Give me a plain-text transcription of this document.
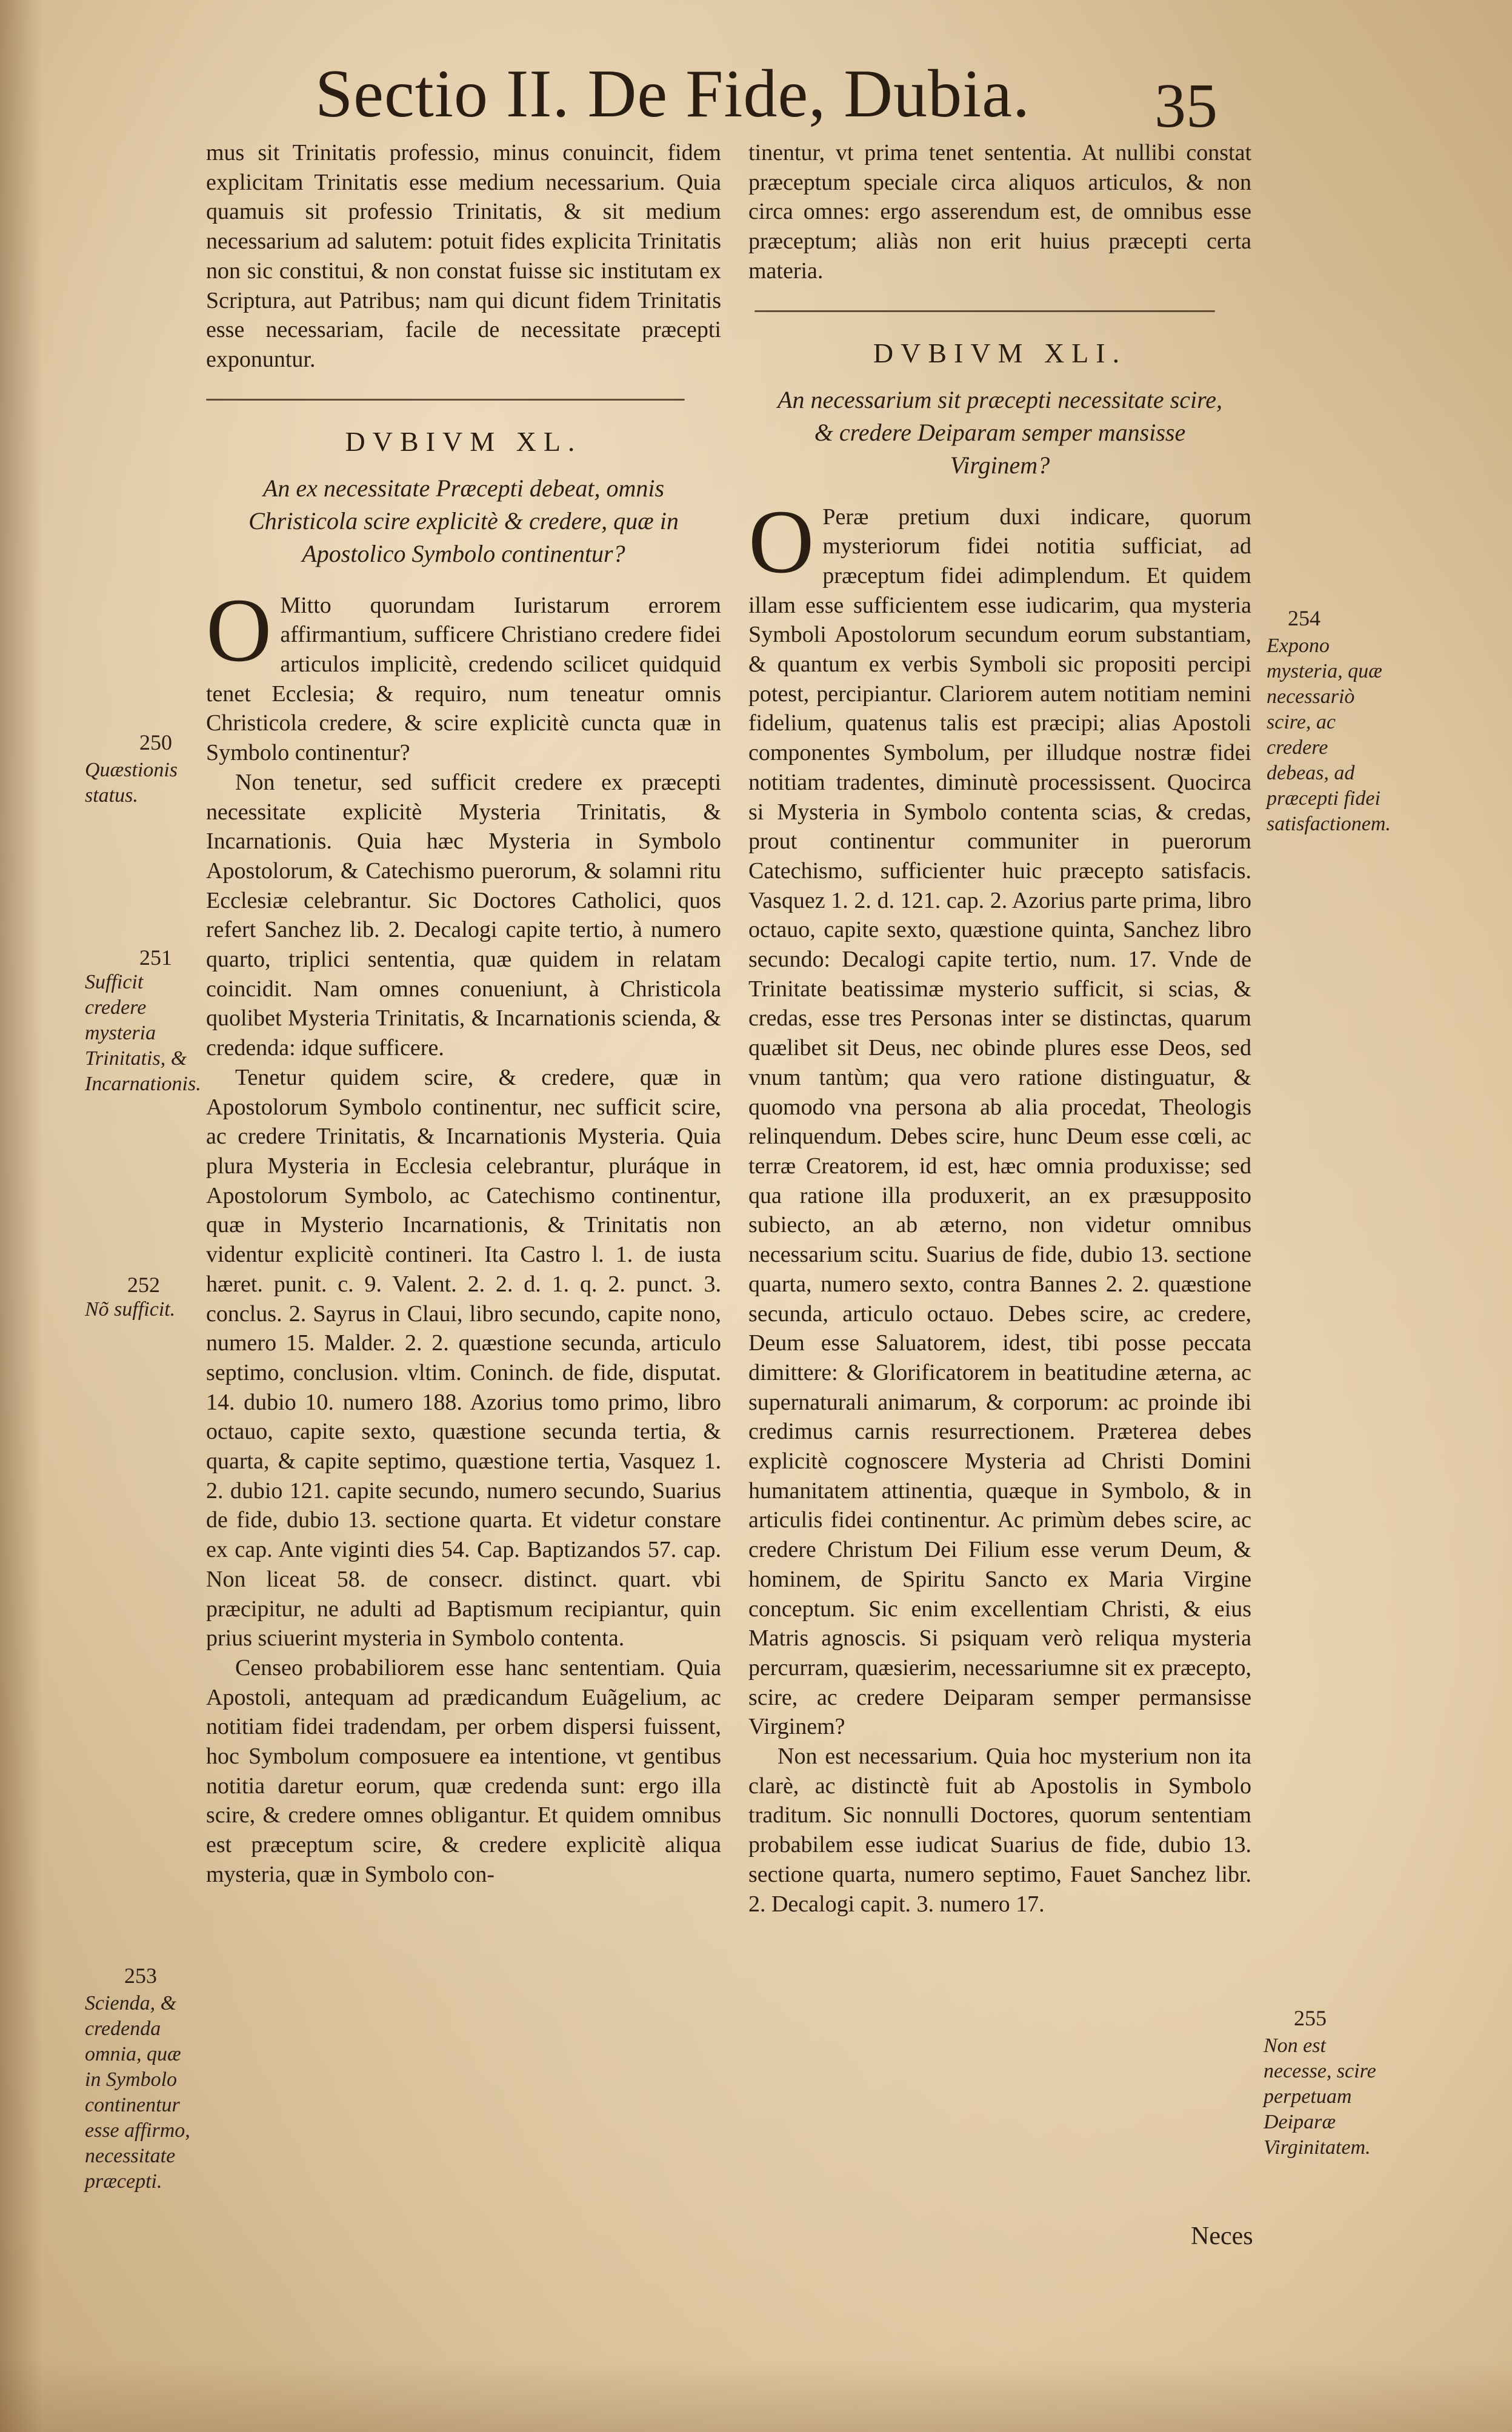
Sectio II. De Fide, Dubia.	35

mus sit Trinitatis professio, minus conuincit, fidem explicitam Trinitatis esse medium necessarium. Quia quamuis sit professio Trinitatis, & sit medium necessarium ad salutem: potuit fides explicita Trinitatis non sic constitui, & non constat fuisse sic institutam ex Scriptura, aut Patribus; nam qui dicunt fidem Trinitatis esse necessariam, facile de necessitate præcepti exponuntur.

DVBIVM XL.
An ex necessitate Præcepti debeat, omnis Christicola scire explicitè & credere, quæ in Apostolico Symbolo continentur?

OMitto quorundam Iuristarum errorem affirmantium, sufficere Christiano credere fidei articulos implicitè, credendo scilicet quidquid tenet Ecclesia; & requiro, num teneatur omnis Christicola credere, & scire explicitè cuncta quæ in Symbolo continentur?

Non tenetur, sed sufficit credere ex præcepti necessitate explicitè Mysteria Trinitatis, & Incarnationis. Quia hæc Mysteria in Symbolo Apostolorum, & Catechismo puerorum, & solamni ritu Ecclesiæ celebrantur. Sic Doctores Catholici, quos refert Sanchez lib. 2. Decalogi capite tertio, à numero quarto, triplici sententia, quæ quidem in relatam coincidit. Nam omnes conueniunt, à Christicola quolibet Mysteria Trinitatis, & Incarnationis scienda, & credenda: idque sufficere.

Tenetur quidem scire, & credere, quæ in Apostolorum Symbolo continentur, nec sufficit scire, ac credere Trinitatis, & Incarnationis Mysteria. Quia plura Mysteria in Ecclesia celebrantur, pluráque in Apostolorum Symbolo, ac Catechismo continentur, quæ in Mysterio Incarnationis, & Trinitatis non videntur explicitè contineri. Ita Castro l. 1. de iusta hæret. punit. c. 9. Valent. 2. 2. d. 1. q. 2. punct. 3. conclus. 2. Sayrus in Claui, libro secundo, capite nono, numero 15. Malder. 2. 2. quæstione secunda, articulo septimo, conclusion. vltim. Coninch. de fide, disputat. 14. dubio 10. numero 188. Azorius tomo primo, libro octauo, capite sexto, quæstione secunda tertia, & quarta, & capite septimo, quæstione tertia, Vasquez 1. 2. dubio 121. capite secundo, numero secundo, Suarius de fide, dubio 13. sectione quarta. Et videtur constare ex cap. Ante viginti dies 54. Cap. Baptizandos 57. cap. Non liceat 58. de consecr. distinct. quart. vbi præcipitur, ne adulti ad Baptismum recipiantur, quin prius sciuerint mysteria in Symbolo contenta.

Censeo probabiliorem esse hanc sententiam. Quia Apostoli, antequam ad prædicandum Euãgelium, ac notitiam fidei tradendam, per orbem dispersi fuissent, hoc Symbolum composuere ea intentione, vt gentibus notitia daretur eorum, quæ credenda sunt: ergo illa scire, & credere omnes obligantur. Et quidem omnibus est præceptum scire, & credere explicitè aliqua mysteria, quæ in Symbolo con-

tinentur, vt prima tenet sententia. At nullibi constat præceptum speciale circa aliquos articulos, & non circa omnes: ergo asserendum est, de omnibus esse præceptum; aliàs non erit huius præcepti certa materia.

DVBIVM XLI.
An necessarium sit præcepti necessitate scire, & credere Deiparam semper mansisse Virginem?

OPeræ pretium duxi indicare, quorum mysteriorum fidei notitia sufficiat, ad præceptum fidei adimplendum. Et quidem illam esse sufficientem esse iudicarim, qua mysteria Symboli Apostolorum secundum eorum substantiam, & quantum ex verbis Symboli sic propositi percipi potest, percipiantur. Clariorem autem notitiam nemini fidelium, quatenus talis est præcipi; alias Apostoli componentes Symbolum, per illudque nostræ fidei notitiam tradentes, diminutè processissent. Quocirca si Mysteria in Symbolo contenta scias, & credas, prout continentur communiter in puerorum Catechismo, sufficienter huic præcepto satisfacis. Vasquez 1. 2. d. 121. cap. 2. Azorius parte prima, libro octauo, capite sexto, quæstione quinta, Sanchez libro secundo: Decalogi capite tertio, num. 17. Vnde de Trinitate beatissimæ mysterio sufficit, si scias, & credas, esse tres Personas inter se distinctas, quarum quælibet sit Deus, nec obinde plures esse Deos, sed vnum tantùm; qua vero ratione distinguatur, & quomodo vna persona ab alia procedat, Theologis relinquendum. Debes scire, hunc Deum esse cœli, ac terræ Creatorem, id est, hæc omnia produxisse; sed qua ratione illa produxerit, an ex præsupposito subiecto, an ab æterno, non videtur omnibus necessarium scitu. Suarius de fide, dubio 13. sectione quarta, numero sexto, contra Bannes 2. 2. quæstione secunda, articulo octauo. Debes scire, ac credere, Deum esse Saluatorem, idest, tibi posse peccata dimittere: & Glorificatorem in beatitudine æterna, ac supernaturali animarum, & corporum: ac proinde ibi credimus carnis resurrectionem. Præterea debes explicitè cognoscere Mysteria ad Christi Domini humanitatem attinentia, quæque in Symbolo, & in articulis fidei continentur. Ac primùm debes scire, ac credere Christum Dei Filium esse verum Deum, & hominem, de Spiritu Sancto ex Maria Virgine conceptum. Sic enim excellentiam Christi, & eius Matris agnoscis. Si psiquam verò reliqua mysteria percurram, quæsierim, necessariumne sit ex præcepto, scire, ac credere Deiparam semper permansisse Virginem?

Non est necessarium. Quia hoc mysterium non ita clarè, ac distinctè fuit ab Apostolis in Symbolo traditum. Sic nonnulli Doctores, quorum sententiam probabilem esse iudicat Suarius de fide, dubio 13. sectione quarta, numero septimo, Fauet Sanchez libr. 2. Decalogi capit. 3. numero 17.

250
Quæstionis status.
251
Sufficit credere mysteria Trinitatis, & Incarnationis.
252
Nõ sufficit.
253
Scienda, & credenda omnia, quæ in Symbolo continentur esse affirmo, necessitate præcepti.
254
Expono mysteria, quæ necessariò scire, ac credere debeas, ad præcepti fidei satisfactionem.
255
Non est necesse, scire perpetuam Deiparæ Virginitatem.
Neces
